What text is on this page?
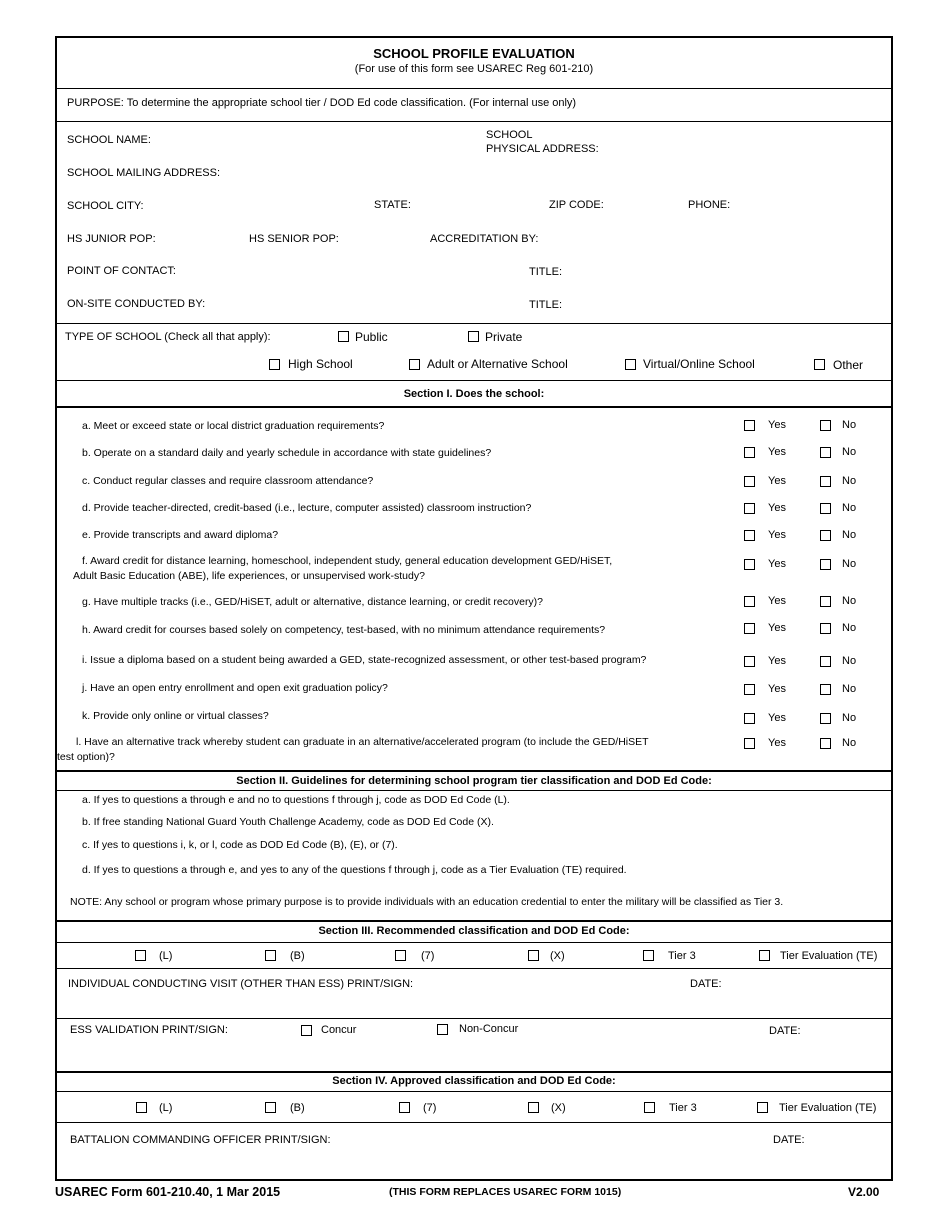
SCHOOL PROFILE EVALUATION
(For use of this form see USAREC Reg 601-210)
PURPOSE: To determine the appropriate school tier / DOD Ed code classification. (For internal use only)
SCHOOL NAME:	SCHOOL
PHYSICAL ADDRESS:
SCHOOL MAILING ADDRESS:
SCHOOL CITY:	STATE:	ZIP CODE:	PHONE:
HS JUNIOR POP:	HS SENIOR POP:	ACCREDITATION BY:
POINT OF CONTACT:	TITLE:
ON-SITE CONDUCTED BY:	TITLE:
TYPE OF SCHOOL (Check all that apply):	Public	Private
High School	Adult or Alternative School	Virtual/Online School	Other
Section I. Does the school:
a. Meet or exceed state or local district graduation requirements?	Yes	No
b. Operate on a standard daily and yearly schedule in accordance with state guidelines?	Yes	No
c. Conduct regular classes and require classroom attendance?	Yes	No
d. Provide teacher-directed, credit-based (i.e., lecture, computer assisted) classroom instruction?	Yes	No
e. Provide transcripts and award diploma?	Yes	No
f. Award credit for distance learning, homeschool, independent study, general education development GED/HiSET,
Adult Basic Education (ABE), life experiences, or unsupervised work-study?
Yes	No
g. Have multiple tracks (i.e., GED/HiSET, adult or alternative, distance learning, or credit recovery)?	Yes	No
h. Award credit for courses based solely on competency, test-based, with no minimum attendance requirements?	Yes	No
i. Issue a diploma based on a student being awarded a GED, state-recognized assessment, or other test-based program?	Yes	No
j. Have an open entry enrollment and open exit graduation policy?	Yes	No
k. Provide only online or virtual classes?	Yes	No
l. Have an alternative track whereby student can graduate in an alternative/accelerated program (to include the GED/HiSET
test option)?
Yes	No
Section II. Guidelines for determining school program tier classification and DOD Ed Code:
a. If yes to questions a through e and no to questions f through j, code as DOD Ed Code (L).
b. If free standing National Guard Youth Challenge Academy, code as DOD Ed Code (X).
c. If yes to questions i, k, or l, code as DOD Ed Code (B), (E), or (7).
d. If yes to questions a through e, and yes to any of the questions f through j, code as a Tier Evaluation (TE) required.
NOTE: Any school or program whose primary purpose is to provide individuals with an education credential to enter the military will be classified as Tier 3.
Section III. Recommended classification and DOD Ed Code:
(L)	(B)	(7)	(X)	Tier 3	Tier Evaluation (TE)
INDIVIDUAL CONDUCTING VISIT (OTHER THAN ESS) PRINT/SIGN:	DATE:
ESS VALIDATION PRINT/SIGN:	Concur	Non-Concur	DATE:
Section IV. Approved classification and DOD Ed Code:
(L)	(B)	(7)	(X)	Tier 3	Tier Evaluation (TE)
BATTALION COMMANDING OFFICER PRINT/SIGN:	DATE:
USAREC Form 601-210.40, 1 Mar 2015	(THIS FORM REPLACES USAREC FORM 1015)	V2.00
